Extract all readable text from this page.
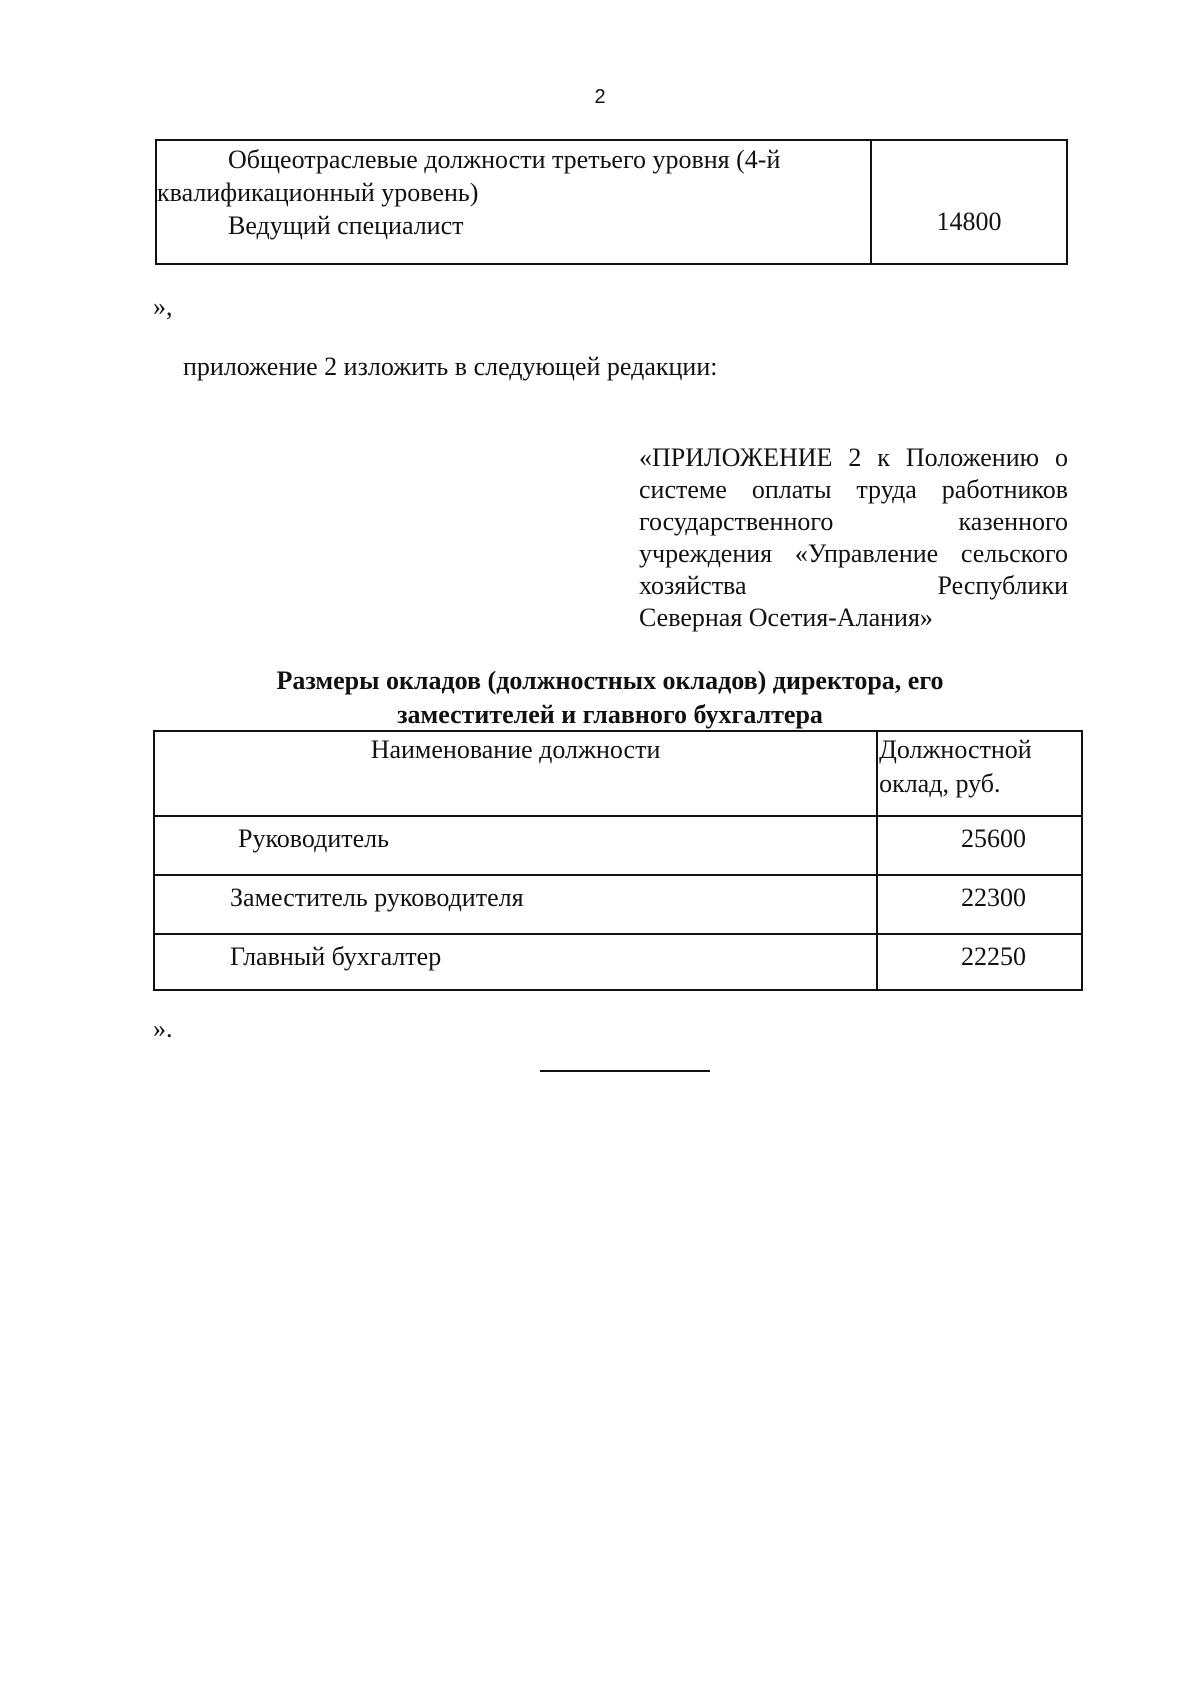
2
Общеотраслевые должности третьего уровня (4-й
квалификационный уровень)
Ведущий специалист	14800
»,
приложение 2 изложить в следующей редакции:
«ПРИЛОЖЕНИЕ 2 к Положению о системе оплаты труда работников государственного казенного учреждения «Управление сельского хозяйства Республики
Северная Осетия-Алания»
Размеры окладов (должностных окладов) директора, его
заместителей и главного бухгалтера
Наименование должности	Должностной
оклад, руб.

Руководитель	25600
Заместитель руководителя	22300
Главный бухгалтер	22250
».
